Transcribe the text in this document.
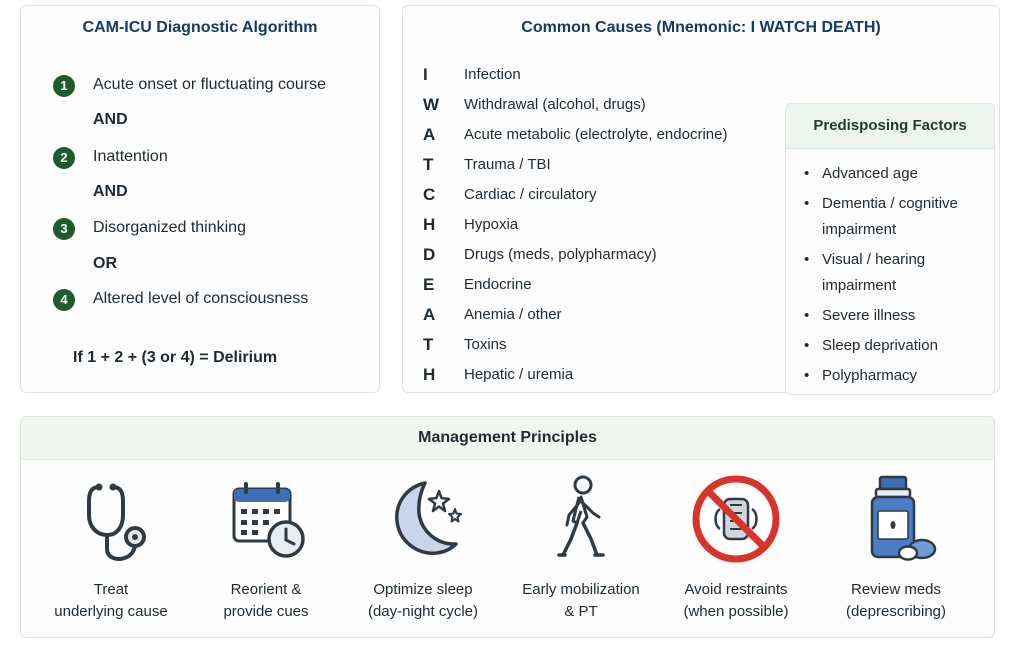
CAM-ICU Diagnostic Algorithm
1	Acute onset or fluctuating course
AND
2	Inattention
AND
3	Disorganized thinking
OR
4	Altered level of consciousness
If 1 + 2 + (3 or 4) = Delirium
Common Causes (Mnemonic: I WATCH DEATH)
I	Infection
W	Withdrawal (alcohol, drugs)
A	Acute metabolic (electrolyte, endocrine)
T	Trauma / TBI
C	Cardiac / circulatory
H	Hypoxia
D	Drugs (meds, polypharmacy)
E	Endocrine
A	Anemia / other
T	Toxins
H	Hepatic / uremia
Predisposing Factors
• Advanced age
• Dementia / cognitive impairment
• Visual / hearing impairment
• Severe illness
• Sleep deprivation
• Polypharmacy
Management Principles
Treat
underlying cause
Reorient &
provide cues
Optimize sleep
(day-night cycle)
Early mobilization
& PT
Avoid restraints
(when possible)
Review meds
(deprescribing)
